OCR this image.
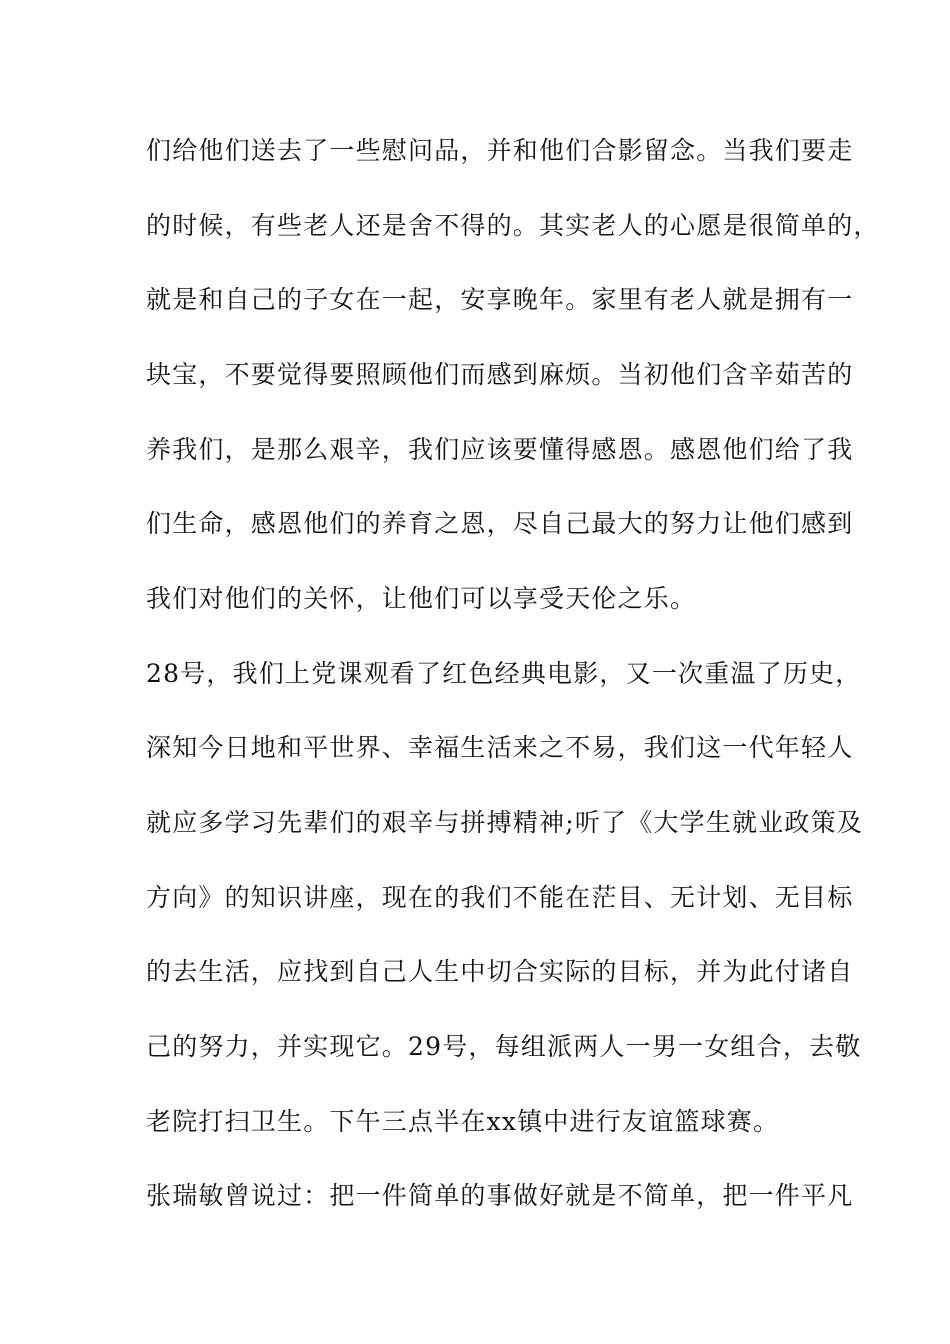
们给他们送去了一些慰问品，并和他们合影留念。当我们要走
的时候，有些老人还是舍不得的。其实老人的心愿是很简单的，
就是和自己的子女在一起，安享晚年。家里有老人就是拥有一
块宝，不要觉得要照顾他们而感到麻烦。当初他们含辛茹苦的
养我们，是那么艰辛，我们应该要懂得感恩。感恩他们给了我
们生命，感恩他们的养育之恩，尽自己最大的努力让他们感到
我们对他们的关怀，让他们可以享受天伦之乐。
28号，我们上党课观看了红色经典电影，又一次重温了历史，
深知今日地和平世界、幸福生活来之不易，我们这一代年轻人
就应多学习先辈们的艰辛与拼搏精神;听了《大学生就业政策及
方向》的知识讲座，现在的我们不能在茫目、无计划、无目标
的去生活，应找到自己人生中切合实际的目标，并为此付诸自
己的努力，并实现它。29号，每组派两人一男一女组合，去敬
老院打扫卫生。下午三点半在xx镇中进行友谊篮球赛。
张瑞敏曾说过：把一件简单的事做好就是不简单，把一件平凡
